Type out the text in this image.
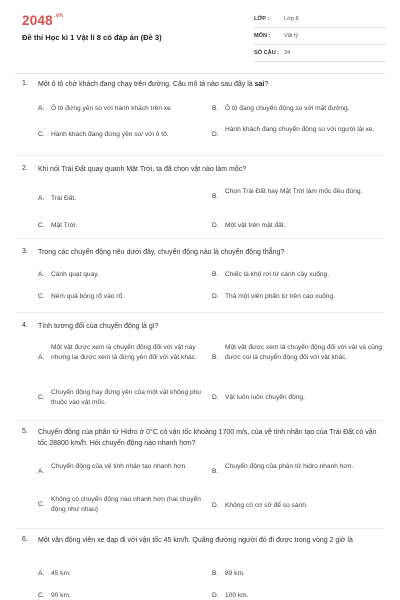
$2048^{.vn}$
Đề thi Học kì 1 Vật lí 8 có đáp án (Đề 3)
LỚP :	Lớp 8
MÔN : Vật lý
SỐ CÂU : 34
1. Một ô tô chở khách đang chạy trên đường. Câu mô tả nào sau đây là sai?
A. Ô tô đứng yên so với hành khách trên xe	B. Ô tô đang chuyển động so với mặt đường.
C. Hành khách đang đứng yên so/ với ô tô.	D.
Hành khách đang chuyển động so với người lái xe.
2. Khi nói Trái Đất quay quanh Mặt Trời, ta đã chọn vật nào làm mốc?
A. Trái Đất.	B.
Chọn Trái Đất hay Mặt Trời làm mốc đều đúng.
C. Mặt Trời.	D. Một vật trên mặt đất.
3. Trong các chuyển động nêu dưới đây, chuyển động nào là chuyển động thẳng?
A. Cánh quạt quay.	B. Chiếc lá khô rơi từ cành cây xuống.
C. Ném quả bóng rổ vào rổ.	D. Thả một viên phấn từ trên cao xuống.
4. Tính tương đối của chuyển động là gì?
A.
Một vật được xem là chuyển động đối với vật này nhưng lại được xem là đứng yên đối với vật khác.	B.
Một vật được xem là chuyển động đối với vật và cũng được coi là chuyển động đối với vật khác.
C.
Chuyển động hay đứng yên của một vật không phụ thuộc vào vật mốc.
D. Vật luôn luôn chuyển động.
5. Chuyển động của phân tử Hidro ở 0°C có vận tốc khoảng 1700 m/s, của vệ tinh nhân tạo của Trái Đất có vận tốc 28800 km/h. Hỏi chuyển động nào nhanh hơn?
A.
Chuyển động của vệ tinh nhân tạo nhanh hơn.
B.
Chuyển động của phân tử hidro nhanh hơn.
C.
Không có chuyển động nào nhanh hơn (hai chuyển động như nhau)
D. Không có cơ sở để so sánh.
6. Một vận động viên xe đạp đi với vận tốc 45 km/h. Quãng đường người đó đi được trong vòng 2 giờ là
A. 45 km.	B. 89 km.
C. 90 km.	D. 100 km.
